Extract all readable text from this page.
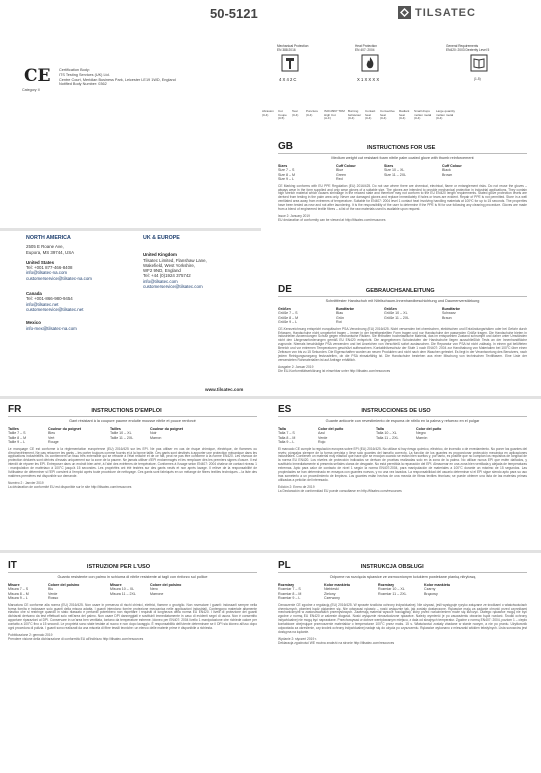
50-5121	TILSATEC
CE
Category II
Certification Body:
ITS Testing Services (UK) Ltd.
Centre Court, Meridian Business Park, Leicester LE19 1WD, England
Notified Body Number: 0362
Mechanical Protection
EN 388:2016
4 X 4 2 C
Heat Protection
EN 407: 2004
X 1 X X X X
General Requirements
EN420: 2003 Dexterity Level 5
(1-5)
Abrasion
(0-4)
Cut Coupe
(0-5)
Tear
(0-4)
Puncture
(0-4)
ISO13997 TDM High Cut
(A-F)
Burning behaviour
(0-4)
Contact heat
(0-4)
Convective heat
(0-4)
Radiant heat
(0-4)
Small drops molten metal
(0-4)
Large quantity molten metal
(0-4)
NORTH AMERICA
2505 E Roane Ave,
Eupora, MS 39744, USA
United States
Tel: +001 877-466-8408
info@tilsatec-na.com
customerservice@tilsatec-na.com
Canada
Tel: +001-866-980-9454
info@tilsatec.net
customerservice@tilsatec.net
Mexico
info-mex@tilsatec-na.com
UK & EUROPE
United Kingdom
Tilsatec Limited, Flanshaw Lane,
Wakefield, West Yorkshire,
WF2 9ND, England
Tel: +44 (0)1924 375742
info@tilsatec.com
customerservice@tilsatec.com
www.tilsatec.com
GB	INSTRUCTIONS FOR USE
Medium weight cut resistant foam nitrile palm coated glove with thumb reinforcement
Sizes	Cuff Colour	Sizes	Cuff Colour
Size 7 – S	Blue	Size 10 – XL	Black
Size 8 – M	Green	Size 11 – 2XL	Brown
Size 9 – L	Red
CE Marking conforms with EU PPE Regulation (EU) 2016/425. Do not use where there are chemical, electrical, flame or entanglement risks. Do not reuse the gloves – always wear in the form supplied and only wear gloves of a suitable size. The gloves are intended to provide mechanical protection in industrial applications. They contain high stretch material which causes shrinkage in the relaxed state and therefore may not conform to the EU EN420 length requirements. Stated glove protection levels are derived from testing in the palm area only. Never use damaged gloves and replace immediately if holes or tears are evident. Repair of PPE is not permitted. Store in a well ventilated area away from extremes of temperature. Suitable for EN407: 2004 level 1 contact heat involving handling materials at 100ºC for up to 15 seconds. The properties have been tested as new and not after laundering. It is the responsibility of the user to determine if the PPE is fit for use following any cleaning procedure. Gloves are made from a blend of engineered textile fibres – a list of the raw materials used is available upon request.
Issue 2: January 2019
EU declaration of conformity can be viewed at http://tilsatec.com/resources
DE	GEBRAUCHSANLEITUNG
Schnittfester Handschuh mit Nitrilschaum-Innenhandbeschichtung und Daumenverstärkung
Größen	Bundfarbe	Größen	Bundfarbe
Größe 7 – S	Blau	Größe 10 – XL	Schwarz
Größe 8 – M	Grün	Größe 11 – 2XL	Braun
Größe 9 – L	Rot
CE-Kennzeichnung entspricht europäischer PSA-Verordnung (EU) 2016/425. Nicht verwenden bei chemischen, elektrischen und Entzündungsrisiken oder bei Gefahr durch Erfassen. Handschuhe nicht umgekehrt tragen – immer in der bereitgestellten Form tragen und nur Handschuhe der passenden Größe tragen. Die Handschuhe bieten in industriellen Anwendungen Schutz gegen mechanische Risiken. Sie enthalten hochelastische Material, das im entspannten Zustand schrumpft und daher unter Umständen nicht den Längenanforderungen gemäß EU EN420 entspricht. Die angegebenen Schutzstufen der Handschuhe liegen ausschließlich Tests an der Innenhandfläche zugrunde. Niemals beschädigte PSA verwenden und bei Anzeichen von Verschleiß sofort austauschen. Die Reparatur von PSA ist nicht zulässig. In einem gut belüfteten Bereich und vor extremen Temperaturen geschützt aufbewahren. Kontakthitzeschutz der Stufe 1 nach EN407: 2004 zur Handhabung von Materialien bei 100°C über einen Zeitraum von bis zu 15 Sekunden. Die Eigenschaften wurden an neuen Produkten und nicht nach dem Waschen getestet. Es liegt in der Verantwortung des Benutzers, nach jedem Reinigungsvorgang festzustellen, ob die PSA einsatzfähig ist. Die Handschuhe bestehen aus einer Mischung von technischen Textilfasern. Eine Liste der verwendeten Rohmaterialien ist auf Anfrage erhältlich.
Ausgabe 2: Januar 2019
Die EU-Konformitätserklärung ist einsehbar unter http://tilsatec.com/resources
FR	INSTRUCTIONS D'EMPLOI
Gant résistant à la coupure paume enduite mousse nitrile et pouce renforcé
Tailles	Couleur du poignet	Tailles	Couleur du poignet
Taille 7 – S	Bleu	Taille 10 – XL	Noir
Taille 8 – M	Vert	Taille 11 – 2XL	Marron
Taille 9 – L	Rouge
Le marquage CE est conforme à la réglementation européenne (EU) 2016/425 sur les EPI. Ne pas utiliser en cas de risque chimique, électrique, de flammes ou d'enchevêtrement. Ne pas retourner les gants – les porter toujours comme fournis et à la bonne taille. Ces gants sont destinés à apporter une protection mécanique dans les applications industrielles. Ils contiennent un tissu très extensible qui se rétracte à l'état relâché et de ce fait, peut ne pas être conforme à la norme EN420. Les niveaux de protection déclarés sont dérivés d'essais uniquement sur la zone de la paume. Ne jamais utiliser d'EPI endommagés et les remplacer dès les premiers signes d'usure. Il est interdit de réparer les EPI. Entreposer dans un endroit bien aéré, à l'abri des extrêmes de température. Conformes à l'usage selon EN407: 2004 chaleur de contact niveau 1 : manipulation de matériaux à 100°C jusqu'à 15 secondes. Les propriétés ont été testées sur des gants neufs et non après lavage. Il relève de la responsabilité de l'utilisateur de déterminer si l'EPI convient à l'emploi après toute procédure de nettoyage. Ces gants sont fabriqués en un mélange de fibres textiles techniques – la liste des matières premières est disponible sur demande.
Numéro 2 : Janvier 2019
La déclaration de conformité EU est disponible sur le site http://tilsatec.com/resources
ES	INSTRUCCIONES DE USO
Guante anticorte con revestimiento de espuma de nitrilo en la palma y refuerzo en el pulgar
Talla	Color del puño	Talla	Color del puño
Talla 7 – S	Azul	Talla 10 – XL	Negro
Talla 8 – M	Verde	Talla 11 – 2XL	Marrón
Talla 9 – L	Rojo
El marcado CE cumple la regulación europea sobre EPI (EU) 2016/425. No utilizar si hay riesgo químico, eléctrico, de incendio o de enredamiento. No poner los guantes del revés; póngalos siempre de la forma prevista y lleve solo guantes del tamaño correcto. La función de los guantes es proporcionar protección mecánica en aplicaciones industriales. Contienen un material muy elástico que hace que se encojan cuando se están bien sueltos y, por tanto, es posible que no cumplan los requisitos de longitud de la norma EU EN420. Los niveles de protección indicados se derivan de pruebas realizadas solo en la zona de la palma. No utilizar nunca EPI que estén dañados, y sustituirlo inmediatamente si presenta señales claras de desgaste. No está permitida la reparación del EPI. Almacenar en una zona bien ventilada y alejada de temperaturas extremas. Apto para calor de contacto de nivel 1 según la norma EN407:2004, para manipulación de materiales a 100°C durante un máximo de 15 segundos. Las propiedades se han determinado en ensayos con guantes nuevos, y no una vez lavados. La responsabilidad del usuario determinar si el EPI sigue siendo apto para su uso tras someterlo a un procedimiento de limpieza. Los guantes están hechos de una mezcla de fibras textiles técnicas; se puede obtener una lista de las materias primas utilizadas a petición del interesado.
Edición 2: Enero de 2019
La Declaración de conformidad EU puede consultarse en http://tilsatec.com/resources
IT	ISTRUZIONI PER L'USO
Guanto resistente con palmo in schiuma di nitrile resistente ai tagli con rinforzo sul pollice
Misure	Colore del polsino	Misure	Colore del polsino
Misura 7 – S	Blu	Misura 10 – XL	Nero
Misura 8 – M	Verde	Misura 11 – 2XL	Marrone
Misura 9 – L	Rosso
Marcatura CE conforme alla norma (EU) 2016/425. Non usare in presenza di rischi chimici, elettrici, fiamme o groviglio. Non rovesciare i guanti: indossarli sempre nella forma fornita e indossare solo guanti della misura adatta. I guanti intendono fornire protezione meccanica nelle applicazioni industriali. Contengono materiale altamente elastico che si restringe quando in stato rilassato e pertanto potrebbero non rispettare i requisiti di lunghezza della norma EU EN420. I livelli di protezione dei guanti dichiarati derivano da test effettuati solo nell'area del palmo. Non usare DPI danneggiati e sostituirli immediatamente in caso di evidenti segni di usura. Non è consentito apportare riparazioni ai DPI. Conservare in un'area ben ventilata, lontano da temperature estreme. Idoneo per EN407: 2004 livello 1 manipolazione che richiede calore per contatto a 100°C fino a 15 secondi. Le proprietà sono state testate al nuovo e non dopo lavaggio. È responsabilità dell'utente determinare se il DPI sia idoneo all'uso dopo ogni procedura di pulizia. I guanti sono realizzati da una miscela di fibre tessili tecniche: un elenco delle materie prime è disponibile a richiesta.
Pubblicazione 2: gennaio 2019
Prendere visione della dichiarazione di conformità EU all'indirizzo http://tilsatec.com/resources
PL	INSTRUKCJA OBSŁUGI
Odporne na rozcięcia rękawice ze wzmocnionym kciukiem powlekane pianką nitrylową
Rozmiary	Kolor mankietu	Rozmiary	Kolor mankietu
Rozmiar 7 – S	Niebieski	Rozmiar 10 – XL	Czarny
Rozmiar 8 – M	Zielony	Rozmiar 11 – 2XL	Brązowy
Rozmiar 9 – L	Czerwony
Oznaczenie CE zgodne z regulacją (EU) 2016/425. W sprawie środków ochrony indywidualnej. Nie używać, jeśli występuje ryzyko związane ze środkami o właściwościach chemicznych, płomieni bądź plątaniem się. Nie odwracać rękawic – nosić wyłącznie tak, jak zostały dostarczone. Rękawice mają za zadanie chronić przed czynnikami mechanicznymi w zastosowaniach przemysłowych. Zawierają materiał wysoce rozciągliwy, który przed rozluźnieniem może się kurczyć. Dlatego rękawice mogą nie być zgodne z normą EU EN420 w zakresie długości. Nosić wyłącznie nieuszkodzone rękawice. Należy wymienić je po zauważeniu otworów bądź rozdarć. Środki ochrony indywidualnej nie mogą być naprawiane. Przechowywać w dobrze wentylowanym miejscu, z dala od skrajnych temperatur. Zgodne z normą EN407: 2004, poziom 1 – ciepło kontaktowe obejmujące przenoszenie materiałów o temperaturze 100°C przez maks. 15 s. Właściwości zostały zbadane w stanie nowym, a nie po praniu. Użytkownik odpowiada za określenie, czy środek ochrony indywidualnej nadaje się do użycia po czyszczeniu. Rękawice wykonano z mieszanki włókien tekstylnych. Lista surowców jest dostępna na żądanie.
Wydanie 2: styczeń 2019 r.
Deklaracja zgodności WE można znaleźć na stronie http://tilsatec.com/resources
